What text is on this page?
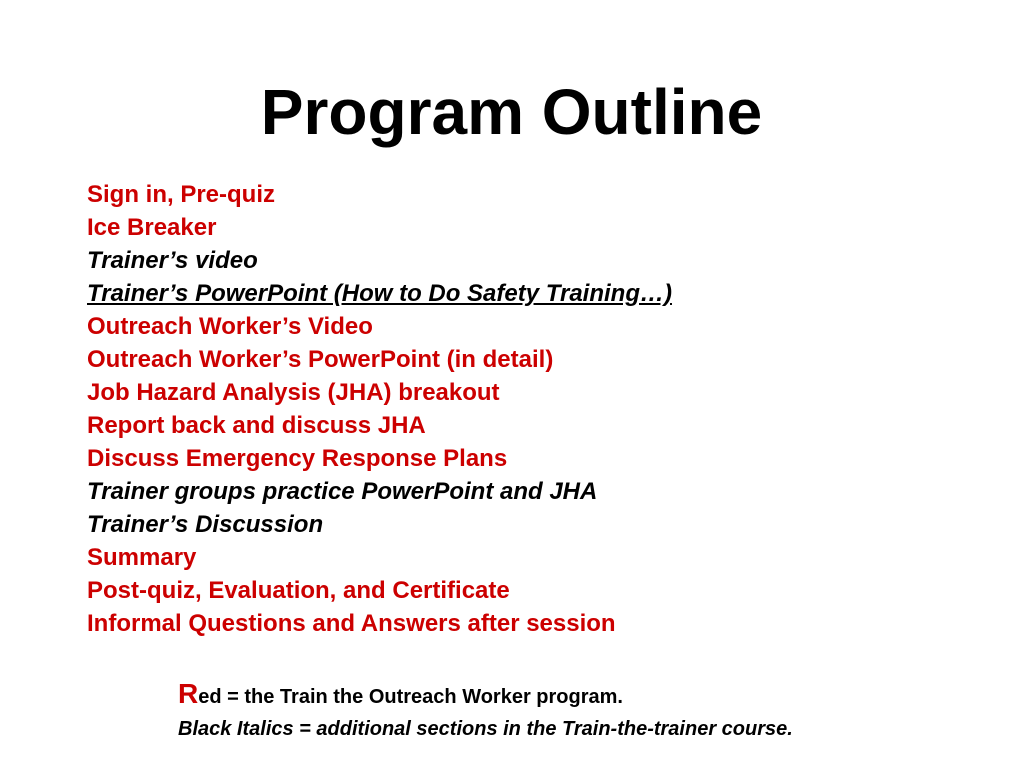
Program Outline
Sign in, Pre-quiz
Ice Breaker
Trainer’s video
Trainer’s PowerPoint (How to Do Safety Training…)
Outreach Worker’s Video
Outreach Worker’s PowerPoint (in detail)
Job Hazard Analysis (JHA) breakout
Report back and discuss JHA
Discuss Emergency Response Plans
Trainer groups practice PowerPoint and JHA
Trainer’s Discussion
Summary
Post-quiz, Evaluation, and Certificate
Informal Questions and Answers after session
Red = the Train the Outreach Worker program.
Black Italics = additional sections in the Train-the-trainer course.
